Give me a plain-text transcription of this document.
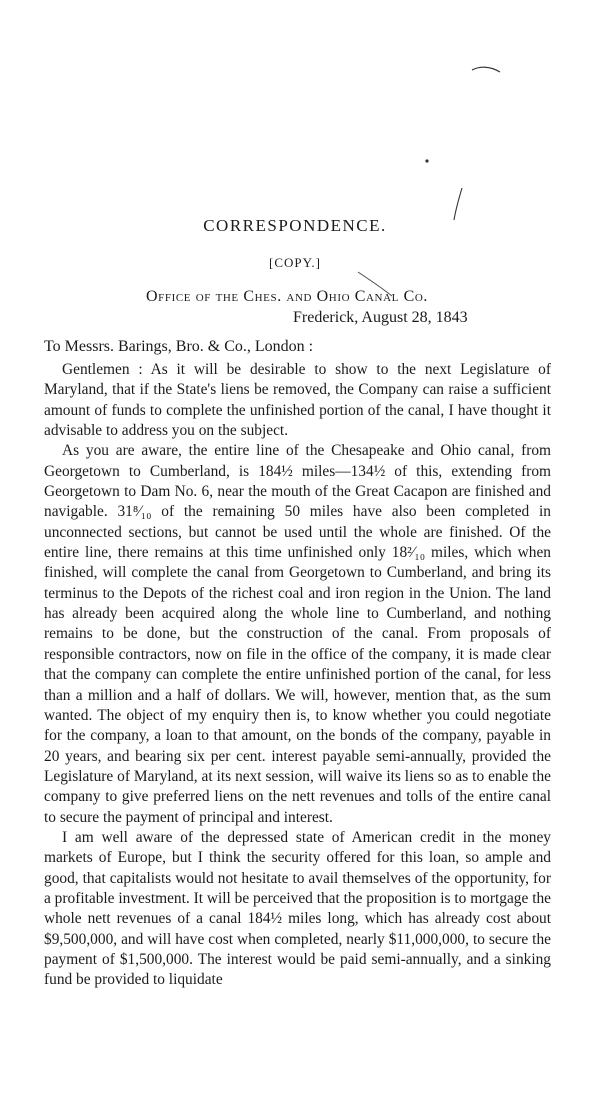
CORRESPONDENCE.
[COPY.]
Office of the Ches. and Ohio Canal Co.
Frederick, August 28, 1843
To Messrs. Barings, Bro. & Co., London :

Gentlemen : As it will be desirable to show to the next Legislature of Maryland, that if the State's liens be removed, the Company can raise a sufficient amount of funds to complete the unfinished portion of the canal, I have thought it advisable to address you on the subject.

As you are aware, the entire line of the Chesapeake and Ohio canal, from Georgetown to Cumberland, is 184½ miles—134½ of this, extending from Georgetown to Dam No. 6, near the mouth of the Great Cacapon are finished and navigable. 31⁸⁄₁₀ of the remaining 50 miles have also been completed in unconnected sections, but cannot be used until the whole are finished. Of the entire line, there remains at this time unfinished only 18²⁄₁₀ miles, which when finished, will complete the canal from Georgetown to Cumberland, and bring its terminus to the Depots of the richest coal and iron region in the Union. The land has already been acquired along the whole line to Cumberland, and nothing remains to be done, but the construction of the canal. From proposals of responsible contractors, now on file in the office of the company, it is made clear that the company can complete the entire unfinished portion of the canal, for less than a million and a half of dollars. We will, however, mention that, as the sum wanted. The object of my enquiry then is, to know whether you could negotiate for the company, a loan to that amount, on the bonds of the company, payable in 20 years, and bearing six per cent. interest payable semi-annually, provided the Legislature of Maryland, at its next session, will waive its liens so as to enable the company to give preferred liens on the nett revenues and tolls of the entire canal to secure the payment of principal and interest.

I am well aware of the depressed state of American credit in the money markets of Europe, but I think the security offered for this loan, so ample and good, that capitalists would not hesitate to avail themselves of the opportunity, for a profitable investment. It will be perceived that the proposition is to mortgage the whole nett revenues of a canal 184½ miles long, which has already cost about $9,500,000, and will have cost when completed, nearly $11,000,000, to secure the payment of $1,500,000. The interest would be paid semi-annually, and a sinking fund be provided to liquidate
